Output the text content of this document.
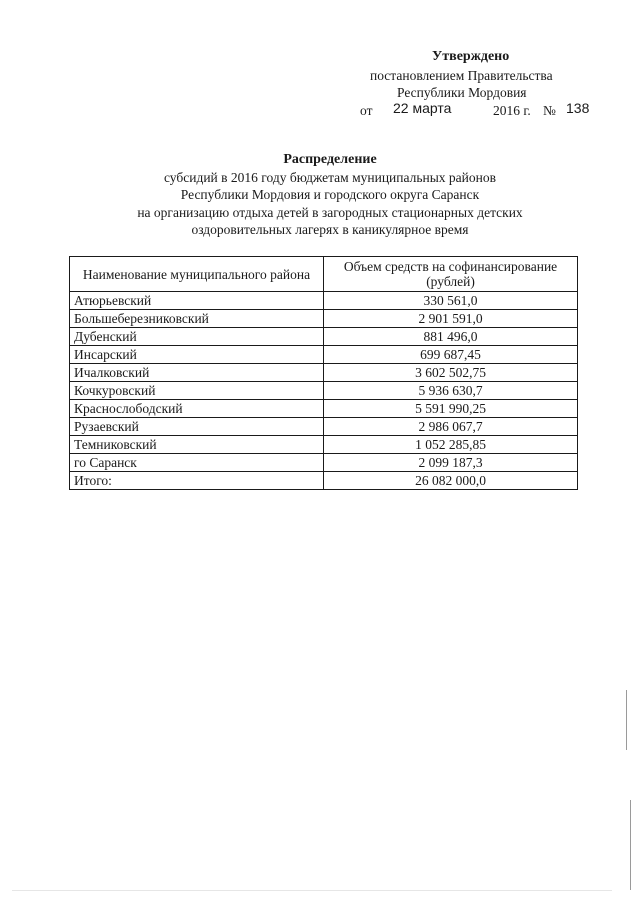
Утверждено
постановлением Правительства
Республики Мордовия
от 22 марта	2016 г. № 138
Распределение
субсидий в 2016 году бюджетам муниципальных районов
Республики Мордовия и городского округа Саранск
на организацию отдыха детей в загородных стационарных детских
оздоровительных лагерях в каникулярное время
Наименование муниципального района	Объем средств на софинансирование (рублей)
Атюрьевский	330 561,0
Большеберезниковский	2 901 591,0
Дубенский	881 496,0
Инсарский	699 687,45
Ичалковский	3 602 502,75
Кочкуровский	5 936 630,7
Краснослободский	5 591 990,25
Рузаевский	2 986 067,7
Темниковский	1 052 285,85
го Саранск	2 099 187,3
Итого:	26 082 000,0
